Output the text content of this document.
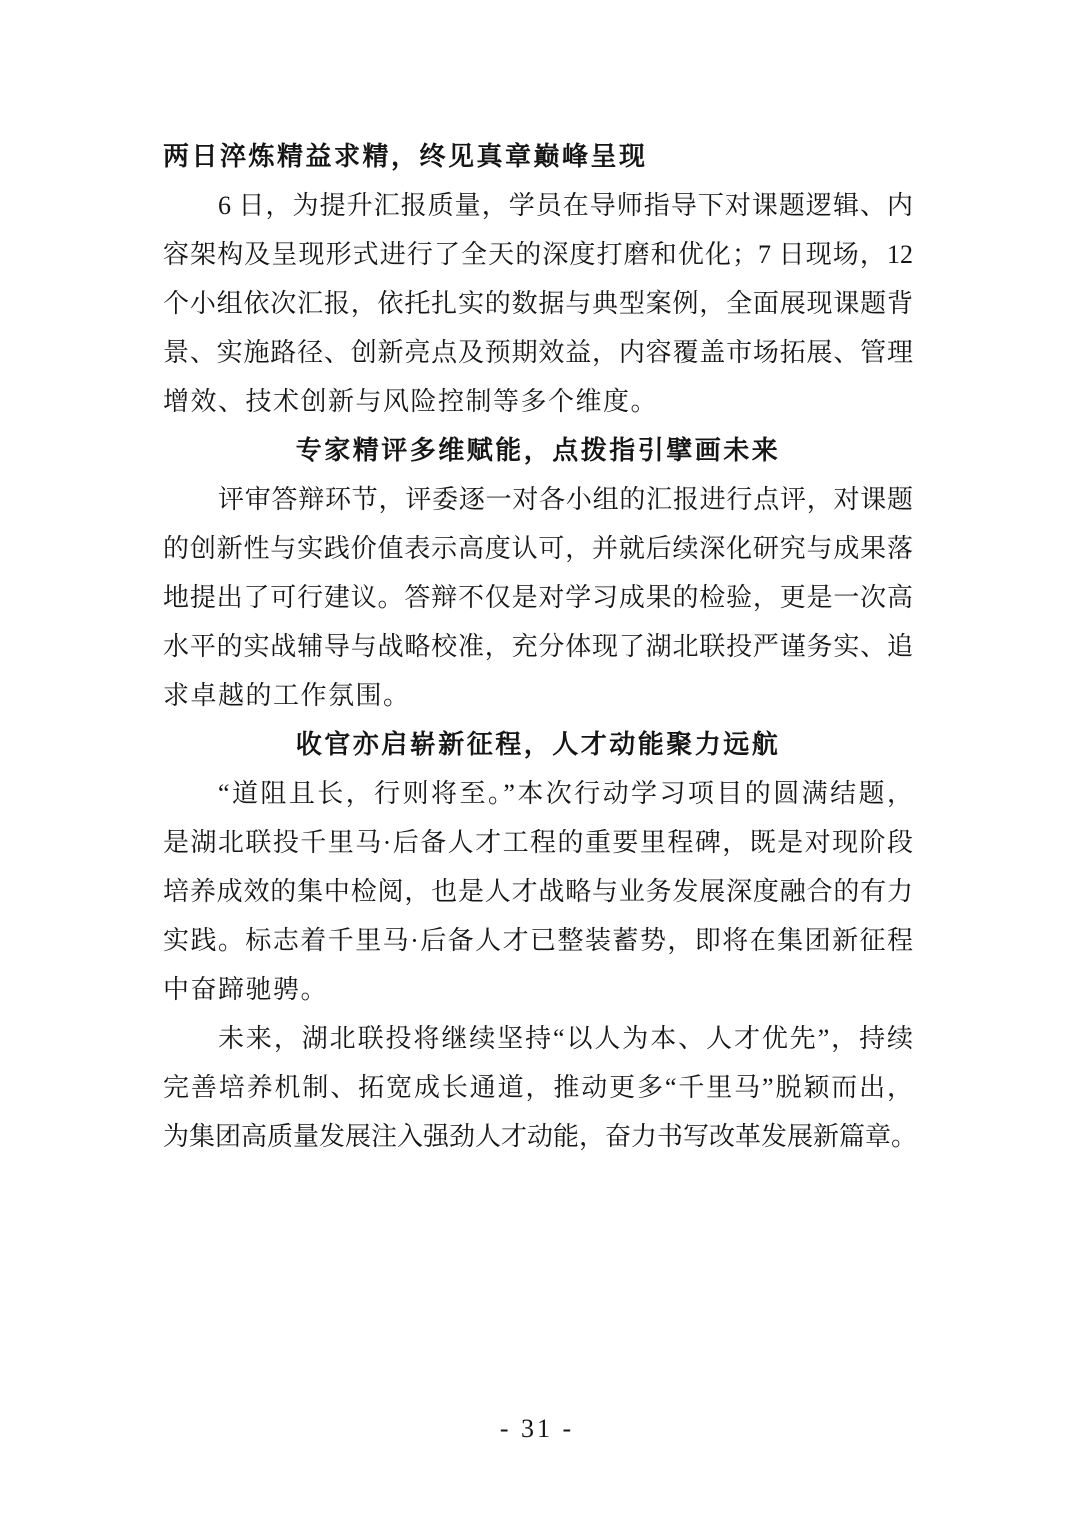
两日淬炼精益求精，终见真章巅峰呈现
6 日，为提升汇报质量，学员在导师指导下对课题逻辑、内
容架构及呈现形式进行了全天的深度打磨和优化；7 日现场，12
个小组依次汇报，依托扎实的数据与典型案例，全面展现课题背
景、实施路径、创新亮点及预期效益，内容覆盖市场拓展、管理
增效、技术创新与风险控制等多个维度。
专家精评多维赋能，点拨指引擘画未来
评审答辩环节，评委逐一对各小组的汇报进行点评，对课题
的创新性与实践价值表示高度认可，并就后续深化研究与成果落
地提出了可行建议。答辩不仅是对学习成果的检验，更是一次高
水平的实战辅导与战略校准，充分体现了湖北联投严谨务实、追
求卓越的工作氛围。
收官亦启崭新征程，人才动能聚力远航
“道阻且长，行则将至。”本次行动学习项目的圆满结题，
是湖北联投千里马·后备人才工程的重要里程碑，既是对现阶段
培养成效的集中检阅，也是人才战略与业务发展深度融合的有力
实践。标志着千里马·后备人才已整装蓄势，即将在集团新征程
中奋蹄驰骋。
未来，湖北联投将继续坚持“以人为本、人才优先”，持续
完善培养机制、拓宽成长通道，推动更多“千里马”脱颖而出，
为集团高质量发展注入强劲人才动能，奋力书写改革发展新篇章。
- 31 -
